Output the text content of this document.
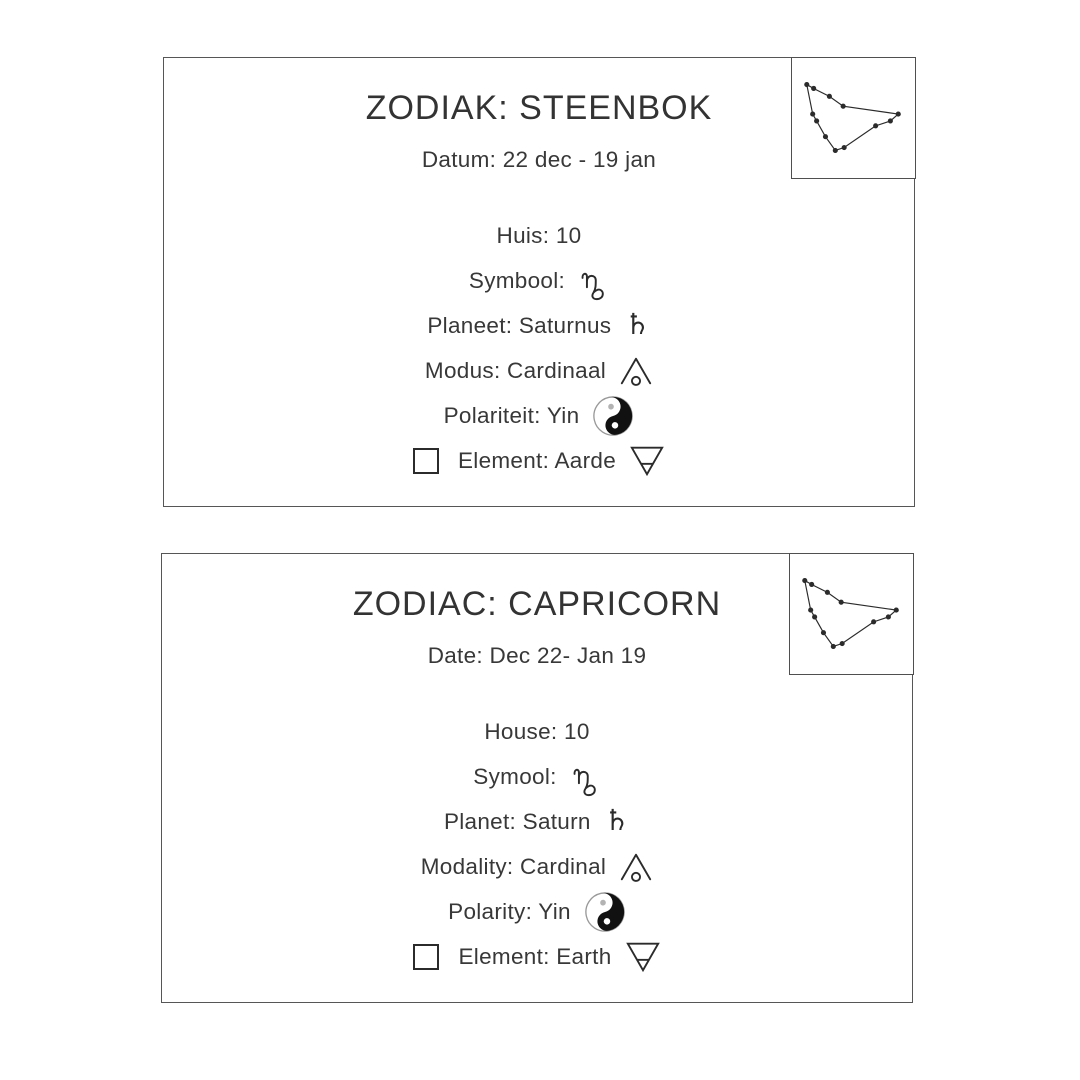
ZODIAK: STEENBOK
Datum: 22 dec - 19 jan
Huis: 10
Symbool:
Planeet: Saturnus ♄
Modus: Cardinaal
Polariteit: Yin
Element: Aarde
ZODIAC: CAPRICORN
Date: Dec 22- Jan 19
House: 10
Symool:
Planet: Saturn ♄
Modality: Cardinal
Polarity: Yin
Element: Earth
